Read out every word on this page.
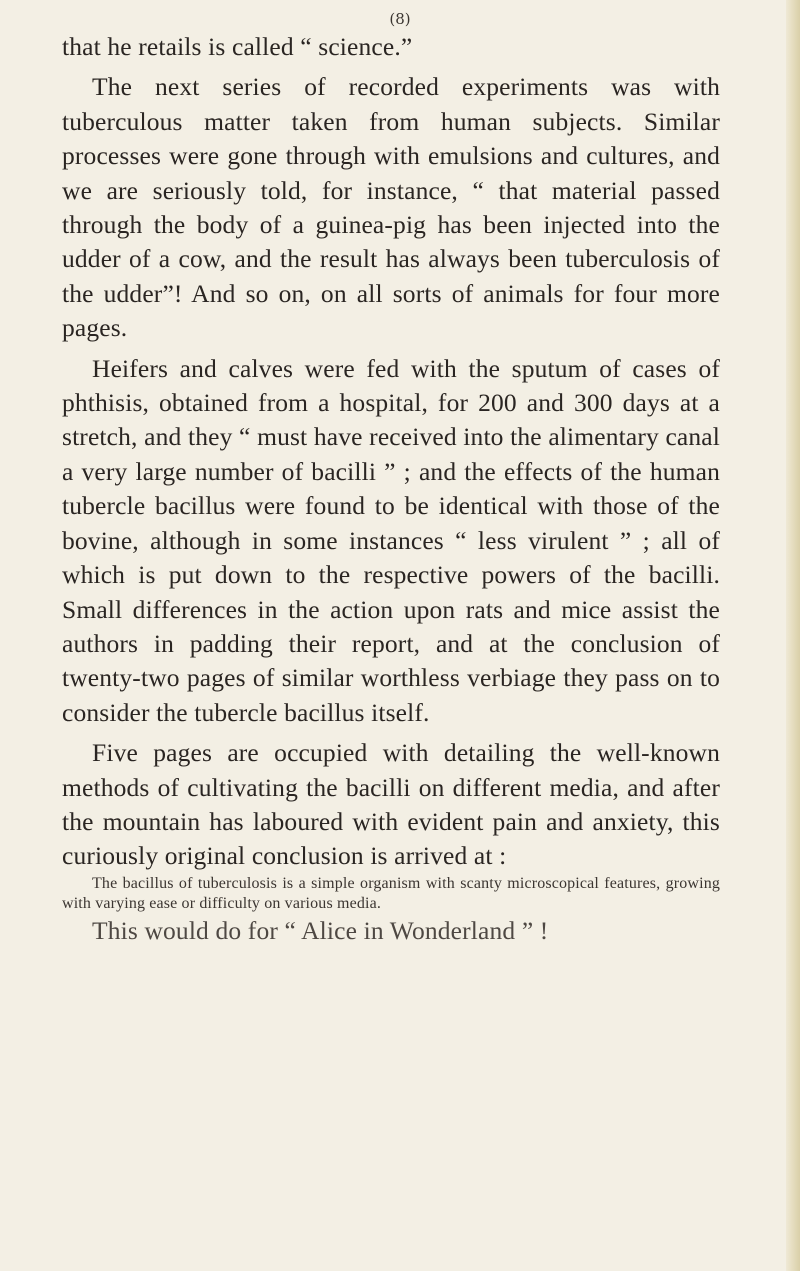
(8)

that he retails is called “ science.”

The next series of recorded experiments was with tuberculous matter taken from human subjects. Similar processes were gone through with emulsions and cultures, and we are seriously told, for instance, “ that material passed through the body of a guinea-pig has been injected into the udder of a cow, and the result has always been tuberculosis of the udder”! And so on, on all sorts of animals for four more pages.

Heifers and calves were fed with the sputum of cases of phthisis, obtained from a hospital, for 200 and 300 days at a stretch, and they “ must have received into the alimentary canal a very large number of bacilli ” ; and the effects of the human tubercle bacillus were found to be identical with those of the bovine, although in some instances “ less virulent ” ; all of which is put down to the respective powers of the bacilli. Small differences in the action upon rats and mice assist the authors in padding their report, and at the conclusion of twenty-two pages of similar worthless verbiage they pass on to consider the tubercle bacillus itself.

Five pages are occupied with detailing the well-known methods of cultivating the bacilli on different media, and after the mountain has laboured with evident pain and anxiety, this curiously original conclusion is arrived at :

The bacillus of tuberculosis is a simple organism with scanty microscopical features, growing with varying ease or difficulty on various media.

This would do for “ Alice in Wonderland ” !
